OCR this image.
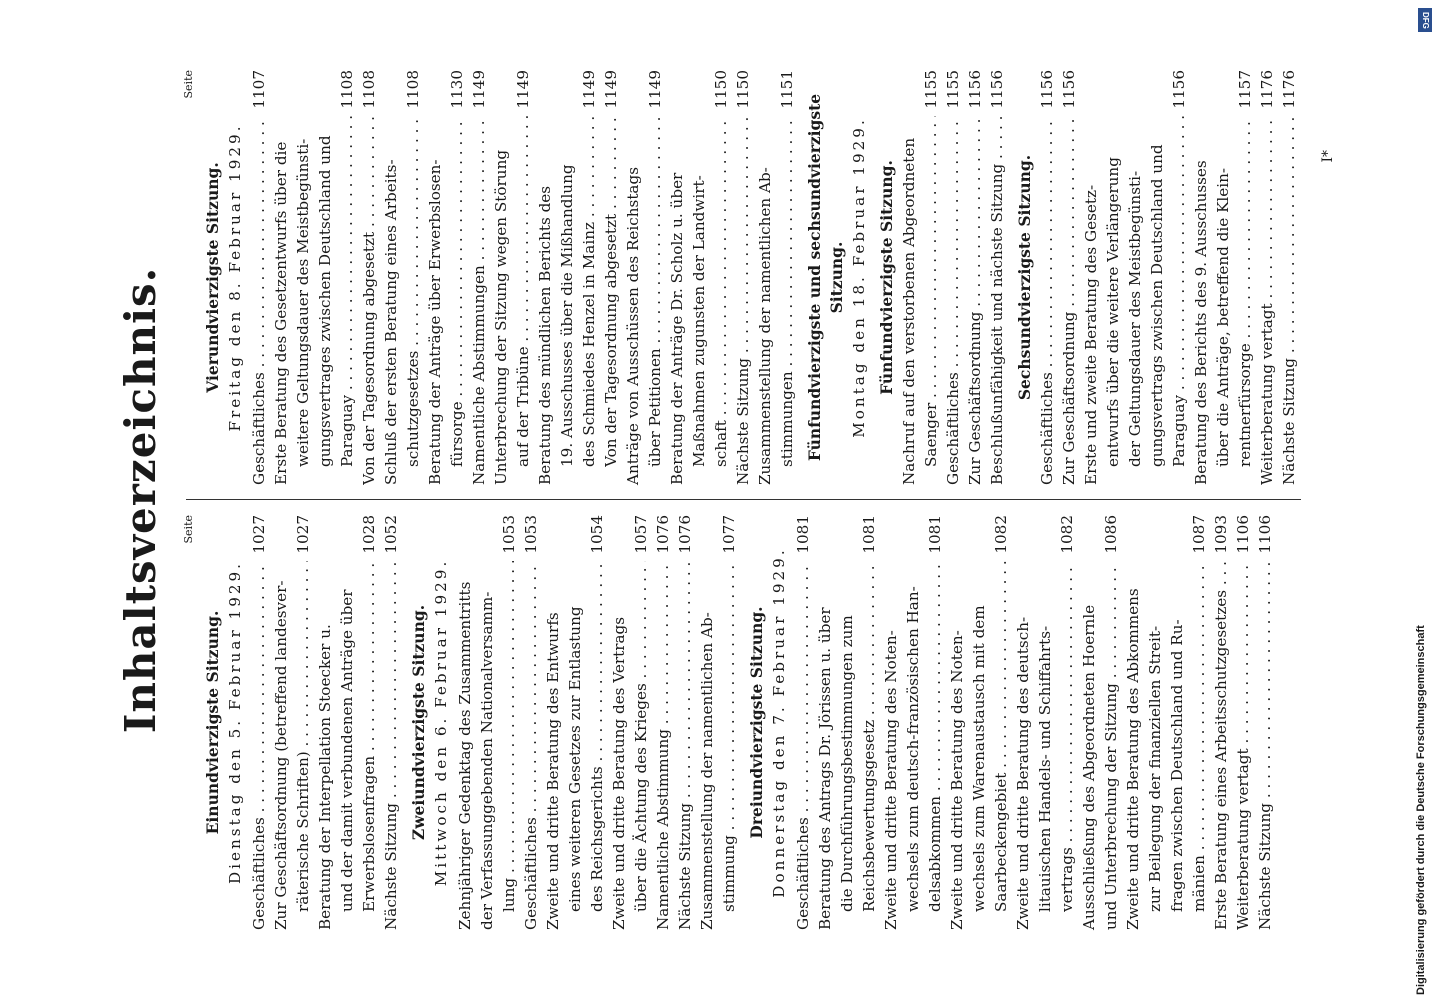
Inhaltsverzeichnis.	Seite
Einundvierzigste Sitzung. Dienstag den 5. Februar 1929. Geschäftliches . . .
1027
Zur Geschäftsordnung (betreffend landesver- räterische Schriften) . . .
1027
Beratung der Interpellation Stoecker u. und der damit verbundenen Anträge über Erwerbslosenfragen . . .
1028
Nächste Sitzung . . .
1052
Zweiundvierzigste Sitzung. Mittwoch den 6. Februar 1929. Zehnjähriger Gedenktag des Zusammentritts der Verfassunggebenden Nationalversamm- lung . . .
1053
Geschäftliches . . .
1053
Zweite und dritte Beratung des Entwurfs eines weiteren Gesetzes zur Entlastung des Reichsgerichts . . .
1054
Zweite und dritte Beratung des Vertrags über die Ächtung des Krieges . . .
1057
Namentliche Abstimmung . . .
1076
Nächste Sitzung . . .
1076
Zusammenstellung der namentlichen Ab- stimmung . . .
1077
Dreiundvierzigste Sitzung. Donnerstag den 7. Februar 1929. Geschäftliches . . .
1081
Beratung des Antrags Dr. Jörissen u. über die Durchführungsbestimmungen zum Reichsbewertungsgesetz . . .
1081
Zweite und dritte Beratung des Noten- wechsels zum deutsch-französischen Han- delsabkommen . . .
1081
Zweite und dritte Beratung des Noten- wechsels zum Warenaustausch mit dem Saarbeckengebiet . . .
1082
Zweite und dritte Beratung des deutsch- litauischen Handels- und Schiffahrts- vertrags . . .
1082
Ausschließung des Abgeordneten Hoernle und Unterbrechung der Sitzung . . .
1086
Zweite und dritte Beratung des Abkommens zur Beilegung der finanziellen Streit- fragen zwischen Deutschland und Ru- mänien . . .
1087
Erste Beratung eines Arbeitsschutzgesetzes . . .
1093
Weiterberatung vertagt . . .
1106
Nächste Sitzung . . .
1106
Seite
Vierundvierzigste Sitzung. Freitag den 8. Februar 1929. Geschäftliches . . .
1107
Erste Beratung des Gesetzentwurfs über die weitere Geltungsdauer des Meistbegünsti- gungsvertrages zwischen Deutschland und Paraguay . . .
1108
Von der Tagesordnung abgesetzt . . .
1108
Schluß der ersten Beratung eines Arbeits- schutzgesetzes . . .
1108
Beratung der Anträge über Erwerbslosen- fürsorge . . .
1130
Namentliche Abstimmungen . . .
1149
Unterbrechung der Sitzung wegen Störung auf der Tribüne . . .
1149
Beratung des mündlichen Berichts des 19. Ausschusses über die Mißhandlung des Schmiedes Henzel in Mainz . . .
1149
Von der Tagesordnung abgesetzt . . .
1149
Anträge von Ausschüssen des Reichstags über Petitionen . . .
1149
Beratung der Anträge Dr. Scholz u. über Maßnahmen zugunsten der Landwirt- schaft . . .
1150
Nächste Sitzung . . .
1150
Zusammenstellung der namentlichen Ab- stimmungen . . .
1151
Fünfundvierzigste und sechsundvierzigste Sitzung. Montag den 18. Februar 1929. Fünfundvierzigste Sitzung. Nachruf auf den verstorbenen Abgeordneten Saenger . . .
1155
Geschäftliches . . .
1155
Zur Geschäftsordnung . . .
1156
Beschlußunfähigkeit und nächste Sitzung . . .
1156
Sechsundvierzigste Sitzung.
Geschäftliches . . .
1156
Zur Geschäftsordnung . . .
1156
Erste und zweite Beratung des Gesetz- entwurfs über die weitere Verlängerung der Geltungsdauer des Meistbegünsti- gungsvertrags zwischen Deutschland und Paraguay . . .
1156
Beratung des Berichts des 9. Ausschusses über die Anträge, betreffend die Klein- rentnerfürsorge . . .
1157
Weiterberatung vertagt . . .
1176
Nächste Sitzung . . .
1176
I*
Digitalisierung gefördert durch die Deutsche Forschungsgemeinschaft
DFG
